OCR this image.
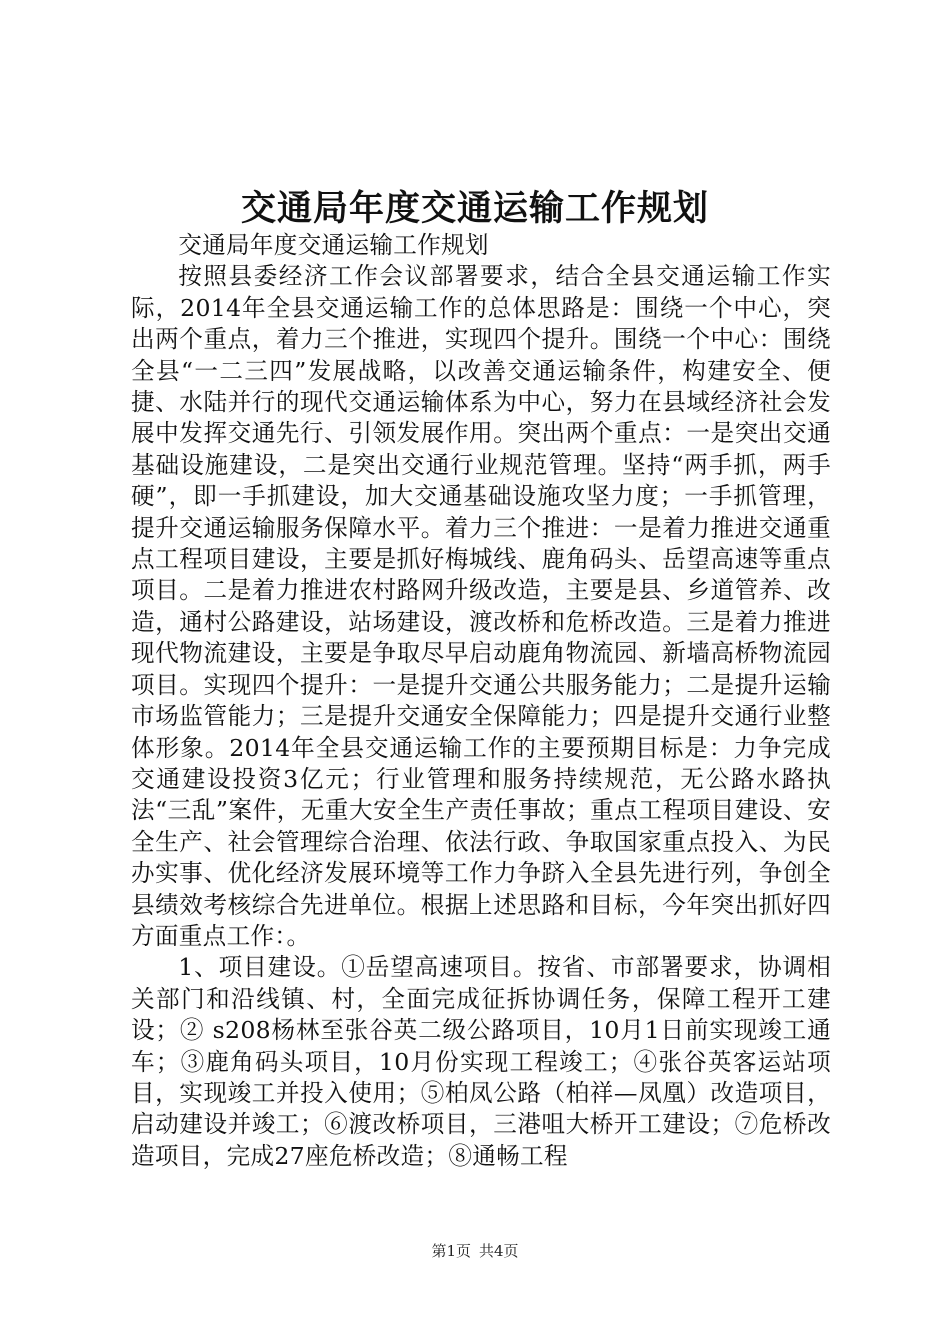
交通局年度交通运输工作规划

交通局年度交通运输工作规划

按照县委经济工作会议部署要求，结合全县交通运输工作实际，2014年全县交通运输工作的总体思路是：围绕一个中心，突出两个重点，着力三个推进，实现四个提升。围绕一个中心：围绕全县“一二三四”发展战略，以改善交通运输条件，构建安全、便捷、水陆并行的现代交通运输体系为中心，努力在县域经济社会发展中发挥交通先行、引领发展作用。突出两个重点：一是突出交通基础设施建设，二是突出交通行业规范管理。坚持“两手抓，两手硬”，即一手抓建设，加大交通基础设施攻坚力度；一手抓管理，提升交通运输服务保障水平。着力三个推进：一是着力推进交通重点工程项目建设，主要是抓好梅城线、鹿角码头、岳望高速等重点项目。二是着力推进农村路网升级改造，主要是县、乡道管养、改造，通村公路建设，站场建设，渡改桥和危桥改造。三是着力推进现代物流建设，主要是争取尽早启动鹿角物流园、新墙高桥物流园项目。实现四个提升：一是提升交通公共服务能力；二是提升运输市场监管能力；三是提升交通安全保障能力；四是提升交通行业整体形象。2014年全县交通运输工作的主要预期目标是：力争完成交通建设投资3亿元；行业管理和服务持续规范，无公路水路执法“三乱”案件，无重大安全生产责任事故；重点工程项目建设、安全生产、社会管理综合治理、依法行政、争取国家重点投入、为民办实事、优化经济发展环境等工作力争跻入全县先进行列，争创全县绩效考核综合先进单位。根据上述思路和目标，今年突出抓好四方面重点工作：。

1、项目建设。①岳望高速项目。按省、市部署要求，协调相关部门和沿线镇、村，全面完成征拆协调任务，保障工程开工建设；② s208杨林至张谷英二级公路项目，10月1日前实现竣工通车；③鹿角码头项目，10月份实现工程竣工；④张谷英客运站项目，实现竣工并投入使用；⑤柏凤公路（柏祥—凤凰）改造项目，启动建设并竣工；⑥渡改桥项目，三港咀大桥开工建设；⑦危桥改造项目，完成27座危桥改造；⑧通畅工程

第1页 共4页
